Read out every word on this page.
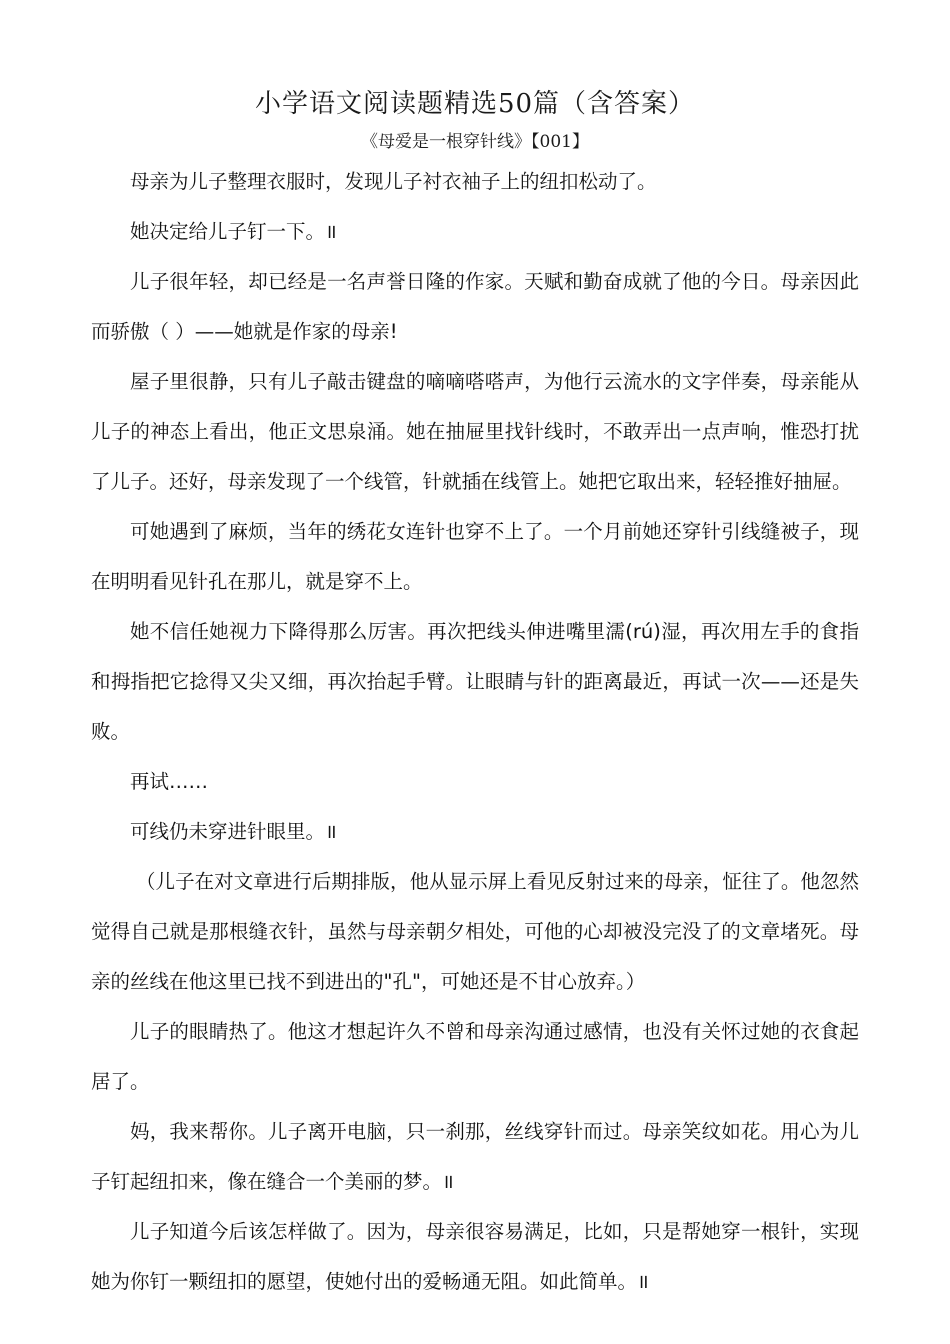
小学语文阅读题精选50篇（含答案）
《母爱是一根穿针线》【001】

母亲为儿子整理衣服时，发现儿子衬衣袖子上的纽扣松动了。

她决定给儿子钉一下。॥

儿子很年轻，却已经是一名声誉日隆的作家。天赋和勤奋成就了他的今日。母亲因此而骄傲（ ）——她就是作家的母亲!

屋子里很静，只有儿子敲击键盘的嘀嘀嗒嗒声，为他行云流水的文字伴奏，母亲能从儿子的神态上看出，他正文思泉涌。她在抽屉里找针线时，不敢弄出一点声响，惟恐打扰了儿子。还好，母亲发现了一个线管，针就插在线管上。她把它取出来，轻轻推好抽屉。

可她遇到了麻烦，当年的绣花女连针也穿不上了。一个月前她还穿针引线缝被子，现在明明看见针孔在那儿，就是穿不上。

她不信任她视力下降得那么厉害。再次把线头伸进嘴里濡(rú)湿，再次用左手的食指和拇指把它捻得又尖又细，再次抬起手臂。让眼睛与针的距离最近，再试一次——还是失败。

再试……

可线仍未穿进针眼里。॥

（儿子在对文章进行后期排版，他从显示屏上看见反射过来的母亲，怔往了。他忽然觉得自己就是那根缝衣针，虽然与母亲朝夕相处，可他的心却被没完没了的文章堵死。母亲的丝线在他这里已找不到进出的"孔"，可她还是不甘心放弃。）

儿子的眼睛热了。他这才想起许久不曾和母亲沟通过感情，也没有关怀过她的衣食起居了。

妈，我来帮你。儿子离开电脑，只一刹那，丝线穿针而过。母亲笑纹如花。用心为儿子钉起纽扣来，像在缝合一个美丽的梦。॥

儿子知道今后该怎样做了。因为，母亲很容易满足，比如，只是帮她穿一根针，实现她为你钉一颗纽扣的愿望，使她付出的爱畅通无阻。如此简单。॥
